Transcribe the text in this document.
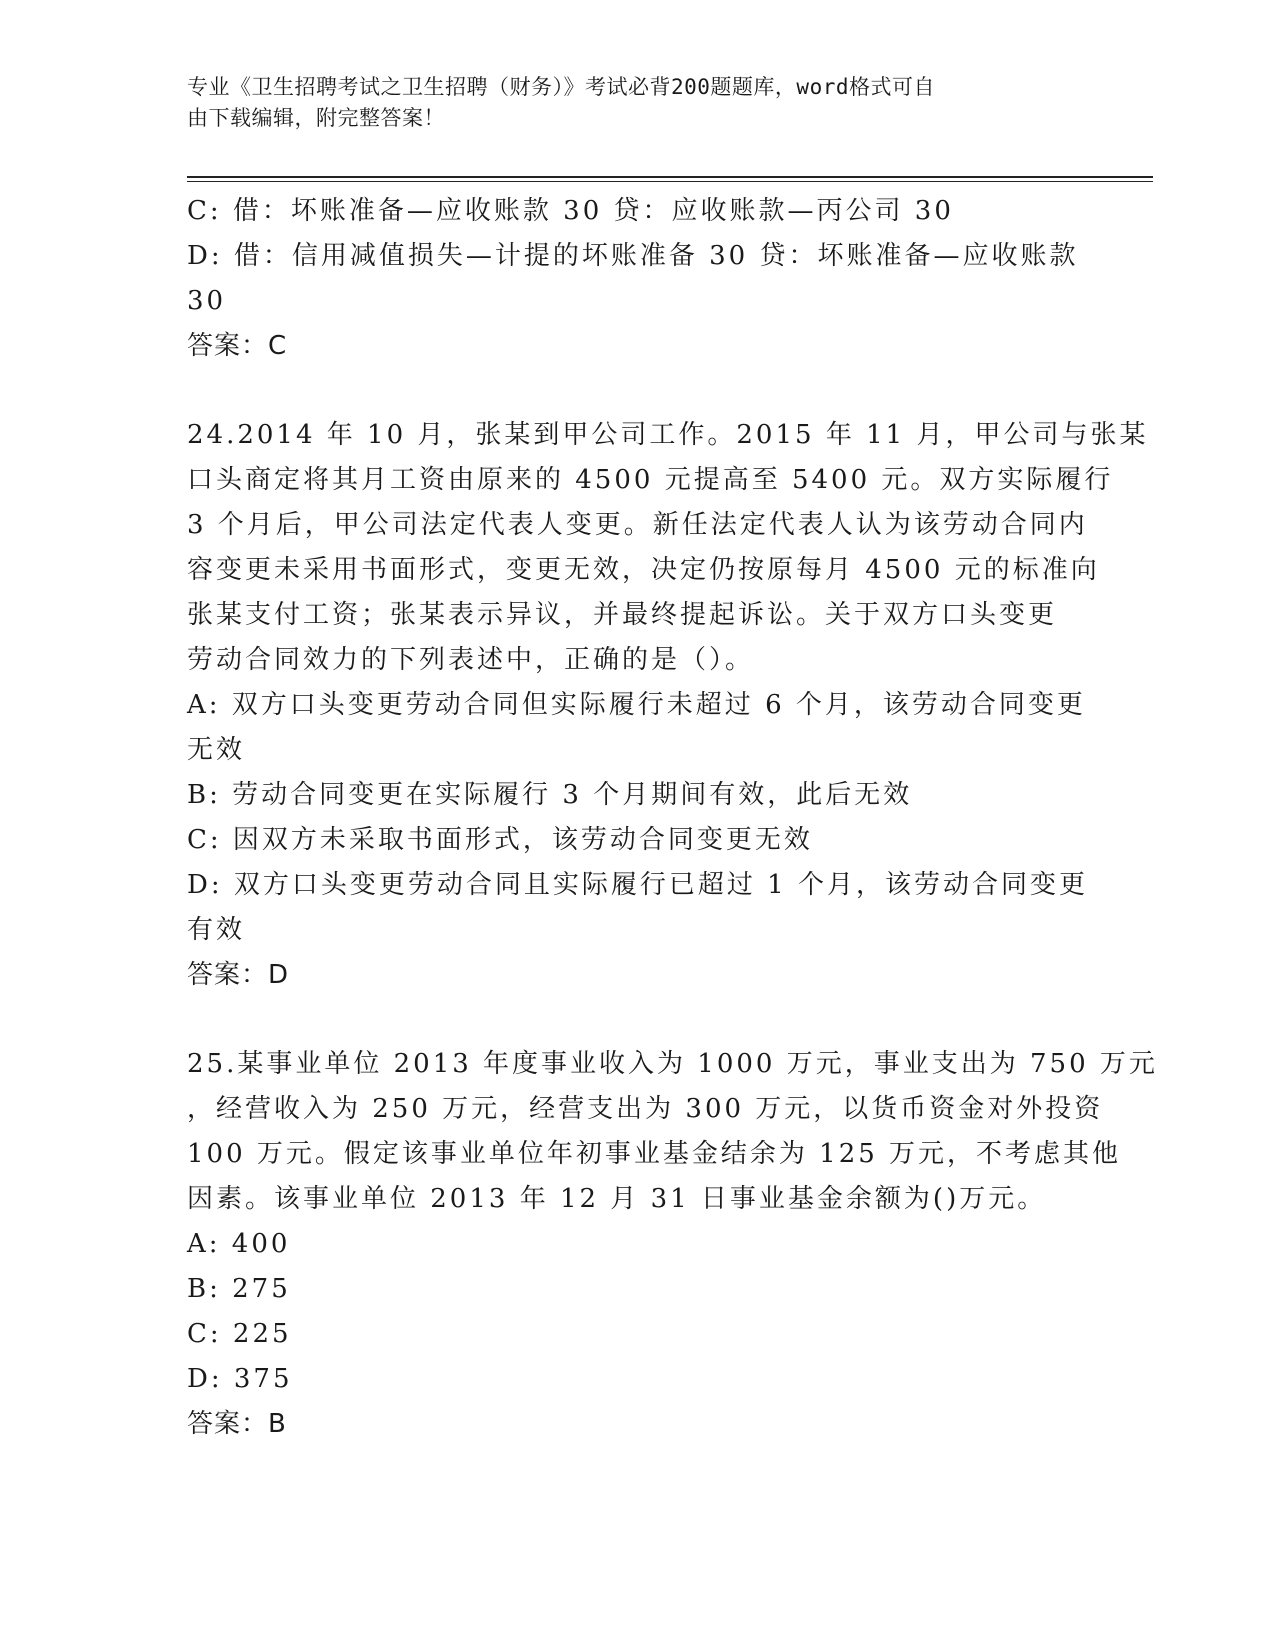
专业《卫生招聘考试之卫生招聘（财务）》考试必背200题题库，word格式可自
由下载编辑，附完整答案！
C: 借：坏账准备—应收账款 30 贷：应收账款—丙公司 30
D: 借：信用减值损失—计提的坏账准备 30 贷：坏账准备—应收账款
30
答案：C
24.2014 年 10 月，张某到甲公司工作。2015 年 11 月，甲公司与张某
口头商定将其月工资由原来的 4500 元提高至 5400 元。双方实际履行
3 个月后，甲公司法定代表人变更。新任法定代表人认为该劳动合同内
容变更未采用书面形式，变更无效，决定仍按原每月 4500 元的标准向
张某支付工资；张某表示异议，并最终提起诉讼。关于双方口头变更
劳动合同效力的下列表述中，正确的是（）。
A: 双方口头变更劳动合同但实际履行未超过 6 个月，该劳动合同变更
无效
B: 劳动合同变更在实际履行 3 个月期间有效，此后无效
C: 因双方未采取书面形式，该劳动合同变更无效
D: 双方口头变更劳动合同且实际履行已超过 1 个月，该劳动合同变更
有效
答案：D
25.某事业单位 2013 年度事业收入为 1000 万元，事业支出为 750 万元
，经营收入为 250 万元，经营支出为 300 万元，以货币资金对外投资
100 万元。假定该事业单位年初事业基金结余为 125 万元，不考虑其他
因素。该事业单位 2013 年 12 月 31 日事业基金余额为()万元。
A: 400
B: 275
C: 225
D: 375
答案：B
